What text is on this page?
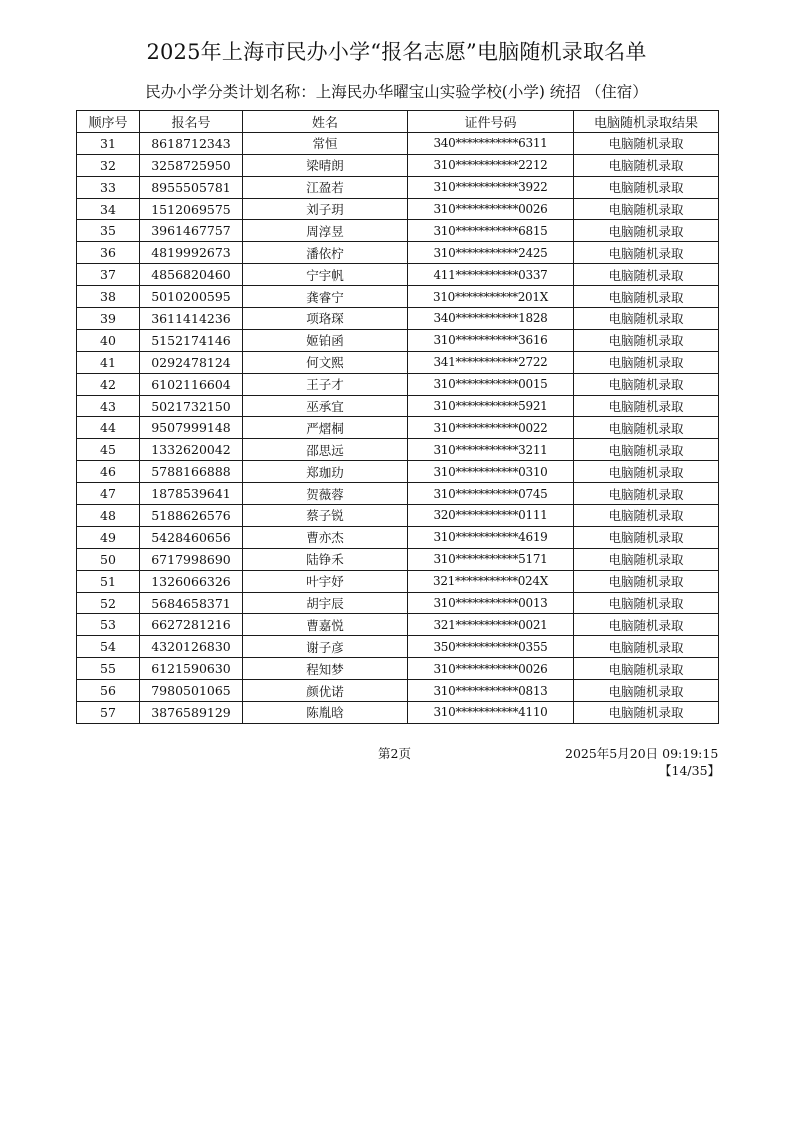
2025年上海市民办小学“报名志愿”电脑随机录取名单
民办小学分类计划名称：上海民办华曜宝山实验学校(小学) 统招 （住宿）
顺序号	报名号	姓名	证件号码	电脑随机录取结果
31	8618712343	常恒	340***********6311	电脑随机录取
32	3258725950	梁晴朗	310***********2212	电脑随机录取
33	8955505781	江盈若	310***********3922	电脑随机录取
34	1512069575	刘子玥	310***********0026	电脑随机录取
35	3961467757	周淳昱	310***********6815	电脑随机录取
36	4819992673	潘依柠	310***********2425	电脑随机录取
37	4856820460	宁宇帆	411***********0337	电脑随机录取
38	5010200595	龚睿宁	310***********201X	电脑随机录取
39	3611414236	项珞琛	340***********1828	电脑随机录取
40	5152174146	姬铂函	310***********3616	电脑随机录取
41	0292478124	何文熙	341***********2722	电脑随机录取
42	6102116604	王子才	310***********0015	电脑随机录取
43	5021732150	巫承宜	310***********5921	电脑随机录取
44	9507999148	严熠桐	310***********0022	电脑随机录取
45	1332620042	邵思远	310***********3211	电脑随机录取
46	5788166888	郑珈玏	310***********0310	电脑随机录取
47	1878539641	贺薇蓉	310***********0745	电脑随机录取
48	5188626576	蔡子锐	320***********0111	电脑随机录取
49	5428460656	曹亦杰	310***********4619	电脑随机录取
50	6717998690	陆铮禾	310***********5171	电脑随机录取
51	1326066326	叶宇妤	321***********024X	电脑随机录取
52	5684658371	胡宇辰	310***********0013	电脑随机录取
53	6627281216	曹嘉悦	321***********0021	电脑随机录取
54	4320126830	谢子彦	350***********0355	电脑随机录取
55	6121590630	程知梦	310***********0026	电脑随机录取
56	7980501065	颜优诺	310***********0813	电脑随机录取
57	3876589129	陈胤晗	310***********4110	电脑随机录取
第2页	2025年5月20日 09:19:15
【14/35】
